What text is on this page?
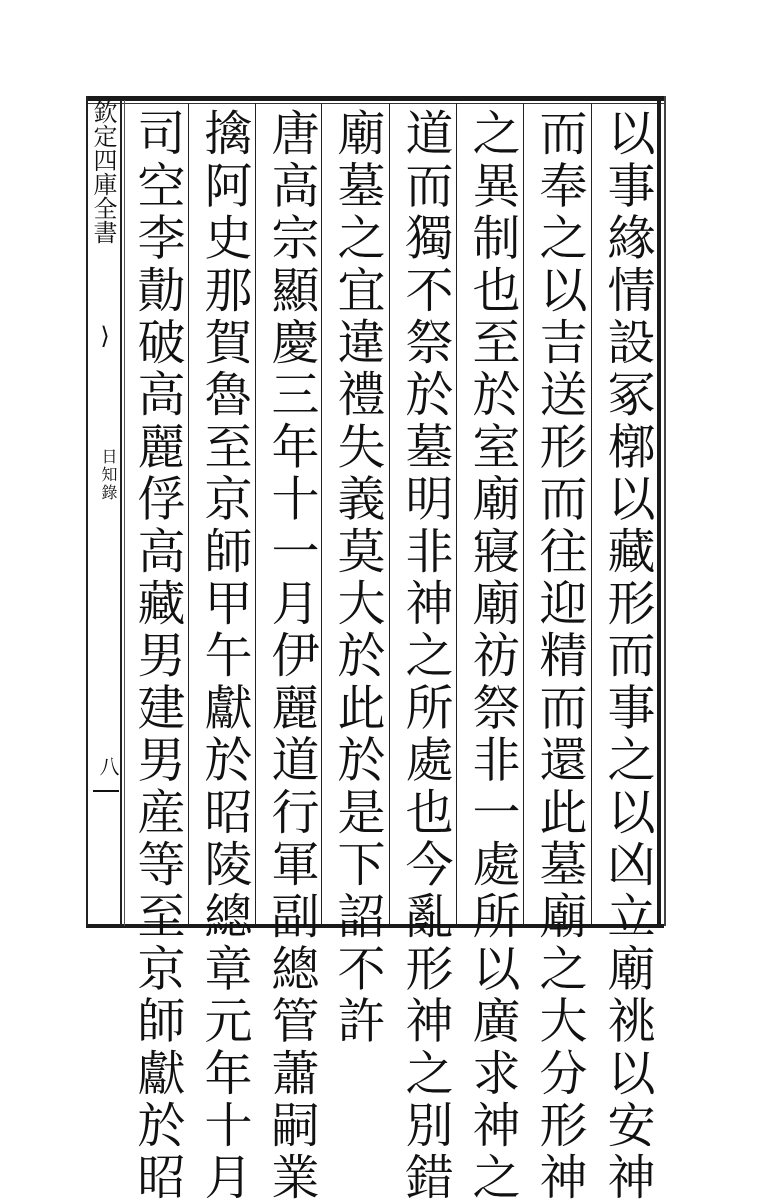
欽定四庫全書
⟩
日知錄
八	以事緣情設冢槨以藏形而事之以凶立廟祧以安神
而奉之以吉送形而往迎精而還此墓廟之大分形神
之異制也至於室廟寢廟祊祭非一處所以廣求神之
道而獨不祭於墓明非神之所處也今亂形神之別錯
廟墓之宜違禮失義莫大於此於是下詔不許
唐高宗顯慶三年十一月伊麗道行軍副總管蕭嗣業
擒阿史那賀魯至京師甲午獻於昭陵總章元年十月
司空李勣破高麗俘高藏男建男産等至京師獻於昭
